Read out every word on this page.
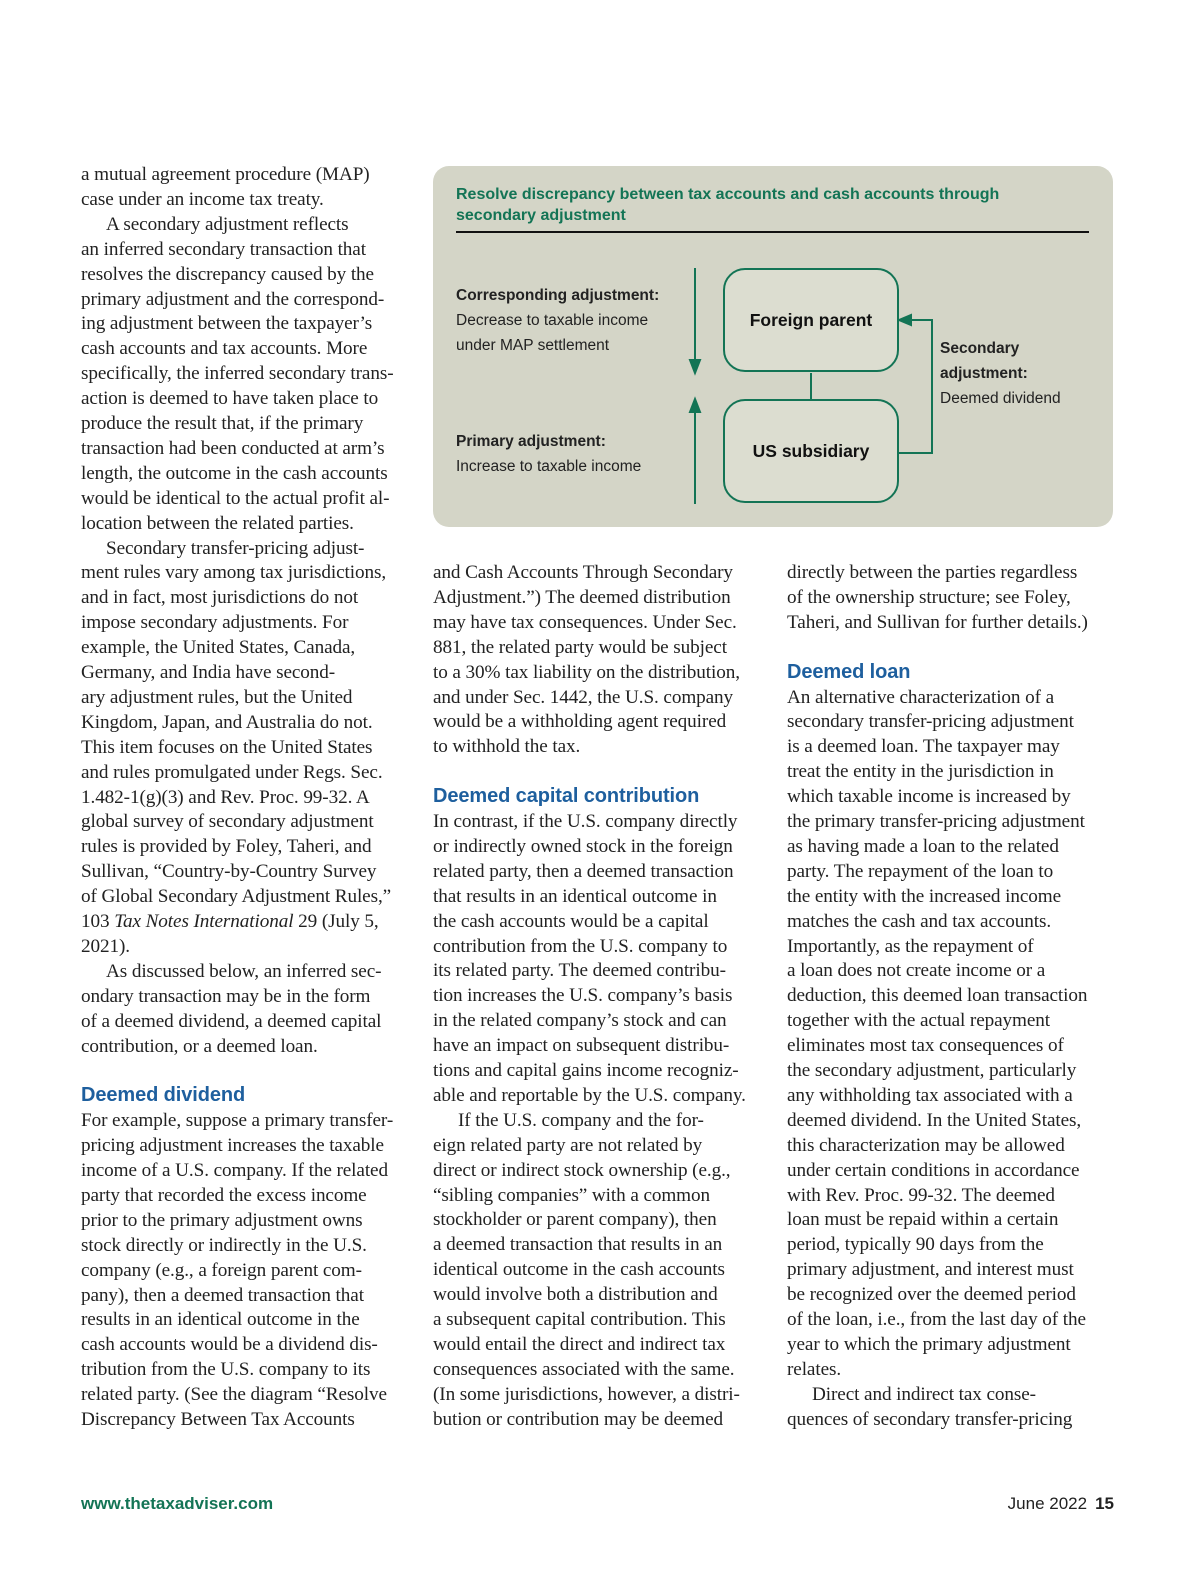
a mutual agreement procedure (MAP)
case under an income tax treaty.
A secondary adjustment reflects
an inferred secondary transaction that
resolves the discrepancy caused by the
primary adjustment and the correspond-
ing adjustment between the taxpayer’s
cash accounts and tax accounts. More
specifically, the inferred secondary trans-
action is deemed to have taken place to
produce the result that, if the primary
transaction had been conducted at arm’s
length, the outcome in the cash accounts
would be identical to the actual profit al-
location between the related parties.
Secondary transfer-pricing adjust-
ment rules vary among tax jurisdictions,
and in fact, most jurisdictions do not
impose secondary adjustments. For
example, the United States, Canada,
Germany, and India have second-
ary adjustment rules, but the United
Kingdom, Japan, and Australia do not.
This item focuses on the United States
and rules promulgated under Regs. Sec.
1.482-1(g)(3) and Rev. Proc. 99-32. A
global survey of secondary adjustment
rules is provided by Foley, Taheri, and
Sullivan, “Country-by-Country Survey
of Global Secondary Adjustment Rules,”
103 Tax Notes International 29 (July 5,
2021).
As discussed below, an inferred sec-
ondary transaction may be in the form
of a deemed dividend, a deemed capital
contribution, or a deemed loan.
Deemed dividend
For example, suppose a primary transfer-
pricing adjustment increases the taxable
income of a U.S. company. If the related
party that recorded the excess income
prior to the primary adjustment owns
stock directly or indirectly in the U.S.
company (e.g., a foreign parent com-
pany), then a deemed transaction that
results in an identical outcome in the
cash accounts would be a dividend dis-
tribution from the U.S. company to its
related party. (See the diagram “Resolve
Discrepancy Between Tax Accounts
and Cash Accounts Through Secondary
Adjustment.”) The deemed distribution
may have tax consequences. Under Sec.
881, the related party would be subject
to a 30% tax liability on the distribution,
and under Sec. 1442, the U.S. company
would be a withholding agent required
to withhold the tax.
Deemed capital contribution
In contrast, if the U.S. company directly
or indirectly owned stock in the foreign
related party, then a deemed transaction
that results in an identical outcome in
the cash accounts would be a capital
contribution from the U.S. company to
its related party. The deemed contribu-
tion increases the U.S. company’s basis
in the related company’s stock and can
have an impact on subsequent distribu-
tions and capital gains income recogniz-
able and reportable by the U.S. company.
If the U.S. company and the for-
eign related party are not related by
direct or indirect stock ownership (e.g.,
“sibling companies” with a common
stockholder or parent company), then
a deemed transaction that results in an
identical outcome in the cash accounts
would involve both a distribution and
a subsequent capital contribution. This
would entail the direct and indirect tax
consequences associated with the same.
(In some jurisdictions, however, a distri-
bution or contribution may be deemed
directly between the parties regardless
of the ownership structure; see Foley,
Taheri, and Sullivan for further details.)
Deemed loan
An alternative characterization of a
secondary transfer-pricing adjustment
is a deemed loan. The taxpayer may
treat the entity in the jurisdiction in
which taxable income is increased by
the primary transfer-pricing adjustment
as having made a loan to the related
party. The repayment of the loan to
the entity with the increased income
matches the cash and tax accounts.
Importantly, as the repayment of
a loan does not create income or a
deduction, this deemed loan transaction
together with the actual repayment
eliminates most tax consequences of
the secondary adjustment, particularly
any withholding tax associated with a
deemed dividend. In the United States,
this characterization may be allowed
under certain conditions in accordance
with Rev. Proc. 99-32. The deemed
loan must be repaid within a certain
period, typically 90 days from the
primary adjustment, and interest must
be recognized over the deemed period
of the loan, i.e., from the last day of the
year to which the primary adjustment
relates.
Direct and indirect tax conse-
quences of secondary transfer-pricing
Resolve discrepancy between tax accounts and cash accounts through secondary adjustment
Corresponding adjustment:
Decrease to taxable income
under MAP settlement
Primary adjustment:
Increase to taxable income
Foreign parent
US subsidiary
Secondary
adjustment:
Deemed dividend
www.thetaxadviser.com	June 2022 15
